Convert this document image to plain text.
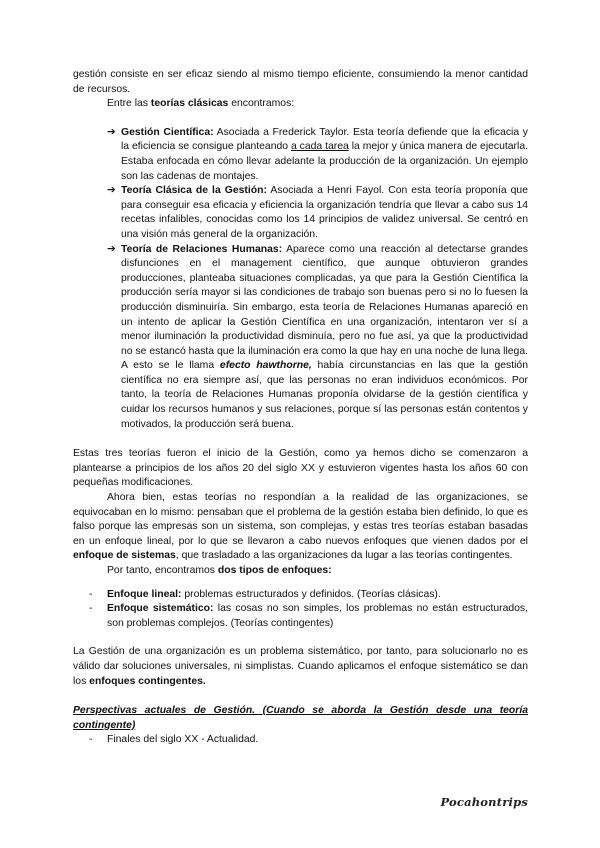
gestión consiste en ser eficaz siendo al mismo tiempo eficiente, consumiendo la menor cantidad de recursos.

Entre las teorías clásicas encontramos:

➔ Gestión Científica: Asociada a Frederick Taylor. Esta teoría defiende que la eficacia y la eficiencia se consigue planteando a cada tarea la mejor y única manera de ejecutarla. Estaba enfocada en cómo llevar adelante la producción de la organización. Un ejemplo son las cadenas de montajes.
➔ Teoría Clásica de la Gestión: Asociada a Henri Fayol. Con esta teoría proponía que para conseguir esa eficacia y eficiencia la organización tendría que llevar a cabo sus 14 recetas infalibles, conocidas como los 14 principios de validez universal. Se centró en una visión más general de la organización.
➔ Teoría de Relaciones Humanas: Aparece como una reacción al detectarse grandes disfunciones en el management científico, que aunque obtuvieron grandes producciones, planteaba situaciones complicadas, ya que para la Gestión Científica la producción sería mayor si las condiciones de trabajo son buenas pero si no lo fuesen la producción disminuiría. Sin embargo, esta teoría de Relaciones Humanas apareció en un intento de aplicar la Gestión Científica en una organización, intentaron ver sí a menor iluminación la productividad disminuía, pero no fue así, ya que la productividad no se estancó hasta que la iluminación era como la que hay en una noche de luna llega. A esto se le llama efecto hawthorne, había circunstancias en las que la gestión científica no era siempre así, que las personas no eran individuos económicos. Por tanto, la teoría de Relaciones Humanas proponía olvidarse de la gestión científica y cuidar los recursos humanos y sus relaciones, porque sí las personas están contentos y motivados, la producción será buena.

Estas tres teorías fueron el inicio de la Gestión, como ya hemos dicho se comenzaron a plantearse a principios de los años 20 del siglo XX y estuvieron vigentes hasta los años 60 con pequeñas modificaciones.

Ahora bien, estas teorías no respondían a la realidad de las organizaciones, se equivocaban en lo mismo: pensaban que el problema de la gestión estaba bien definido, lo que es falso porque las empresas son un sistema, son complejas, y estas tres teorías estaban basadas en un enfoque lineal, por lo que se llevaron a cabo nuevos enfoques que vienen dados por el enfoque de sistemas, que trasladado a las organizaciones da lugar a las teorías contingentes.

Por tanto, encontramos dos tipos de enfoques:

- Enfoque lineal: problemas estructurados y definidos. (Teorías clásicas).
- Enfoque sistemático: las cosas no son simples, los problemas no están estructurados, son problemas complejos. (Teorías contingentes)

La Gestión de una organización es un problema sistemático, por tanto, para solucionarlo no es válido dar soluciones universales, ni simplistas. Cuando aplicamos el enfoque sistemático se dan los enfoques contingentes.

Perspectivas actuales de Gestión. (Cuando se aborda la Gestión desde una teoría contingente)

- Finales del siglo XX - Actualidad.
Pocahontrips
